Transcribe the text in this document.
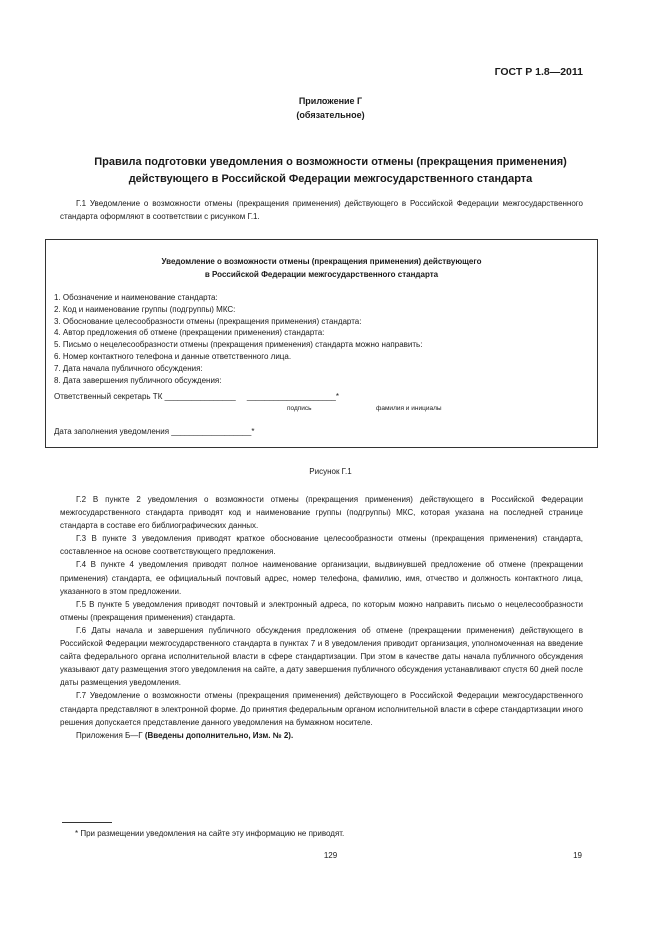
ГОСТ Р 1.8—2011
Приложение Г
(обязательное)
Правила подготовки уведомления о возможности отмены (прекращения применения)
действующего в Российской Федерации межгосударственного стандарта

Г.1 Уведомление о возможности отмены (прекращения применения) действующего в Российской Федерации межгосударственного стандарта оформляют в соответствии с рисунком Г.1.

Уведомление о возможности отмены (прекращения применения) действующего
в Российской Федерации межгосударственного стандарта
1. Обозначение и наименование стандарта:
2. Код и наименование группы (подгруппы) МКС:
3. Обоснование целесообразности отмены (прекращения применения) стандарта:
4. Автор предложения об отмене (прекращении применения) стандарта:
5. Письмо о нецелесообразности отмены (прекращения применения) стандарта можно направить:
6. Номер контактного телефона и данные ответственного лица.
7. Дата начала публичного обсуждения:
8. Дата завершения публичного обсуждения:
Ответственный секретарь ТК ________________     ____________________*
подпись	фамилия и инициалы
Дата заполнения уведомления __________________*
Рисунок Г.1

Г.2 В пункте 2 уведомления о возможности отмены (прекращения применения) действующего в Российской Федерации межгосударственного стандарта приводят код и наименование группы (подгруппы) МКС, которая указана на последней странице стандарта в составе его библиографических данных.

Г.3 В пункте 3 уведомления приводят краткое обоснование целесообразности отмены (прекращения применения) стандарта, составленное на основе соответствующего предложения.

Г.4 В пункте 4 уведомления приводят полное наименование организации, выдвинувшей предложение об отмене (прекращении применения) стандарта, ее официальный почтовый адрес, номер телефона, фамилию, имя, отчество и должность контактного лица, указанного в этом предложении.

Г.5 В пункте 5 уведомления приводят почтовый и электронный адреса, по которым можно направить письмо о нецелесообразности отмены (прекращения применения) стандарта.

Г.6 Даты начала и завершения публичного обсуждения предложения об отмене (прекращении применения) действующего в Российской Федерации межгосударственного стандарта в пунктах 7 и 8 уведомления приводит организация, уполномоченная на введение сайта федерального органа исполнительной власти в сфере стандартизации. При этом в качестве даты начала публичного обсуждения указывают дату размещения этого уведомления на сайте, а дату завершения публичного обсуждения устанавливают спустя 60 дней после даты размещения уведомления.

Г.7 Уведомление о возможности отмены (прекращения применения) действующего в Российской Федерации межгосударственного стандарта представляют в электронной форме. До принятия федеральным органом исполнительной власти в сфере стандартизации иного решения допускается представление данного уведомления на бумажном носителе.

Приложения Б—Г (Введены дополнительно, Изм. № 2).

* При размещении уведомления на сайте эту информацию не приводят.
129	19
